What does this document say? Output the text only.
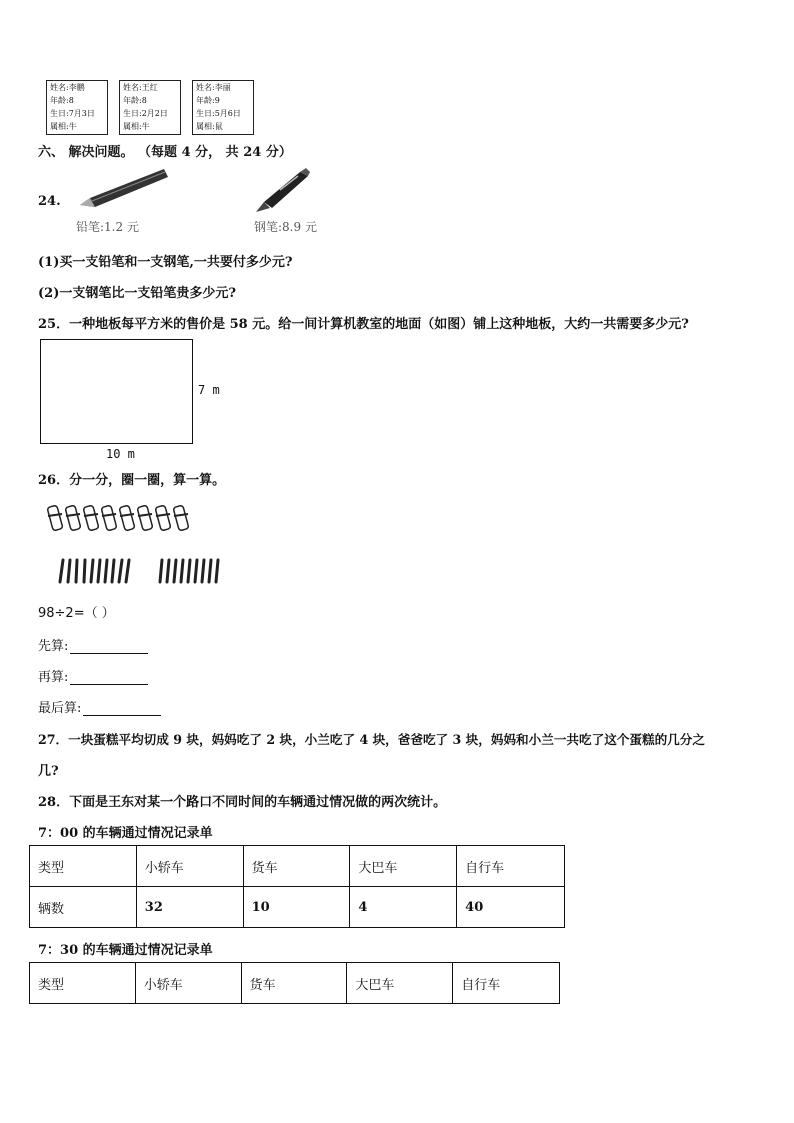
姓名:李鹏
年龄:8
生日:7月3日
属相:牛
姓名:王红
年龄:8
生日:2月2日
属相:牛
姓名:李丽
年龄:9
生日:5月6日
属相:鼠
六、 解决问题。 （每题 4 分， 共 24 分）
24.
铅笔:1.2 元	钢笔:8.9 元
(1)买一支铅笔和一支钢笔,一共要付多少元?
(2)一支钢笔比一支铅笔贵多少元?
25．一种地板每平方米的售价是 58 元。给一间计算机教室的地面（如图）铺上这种地板，大约一共需要多少元?
7 m
10 m
26．分一分，圈一圈，算一算。
98÷2=（ ）
先算:
再算:
最后算:
27．一块蛋糕平均切成 9 块，妈妈吃了 2 块，小兰吃了 4 块，爸爸吃了 3 块，妈妈和小兰一共吃了这个蛋糕的几分之
几?
28．下面是王东对某一个路口不同时间的车辆通过情况做的两次统计。
7：00 的车辆通过情况记录单
类型	小轿车	货车	大巴车	自行车
辆数	32	10	4	40
7：30 的车辆通过情况记录单
类型	小轿车	货车	大巴车	自行车
